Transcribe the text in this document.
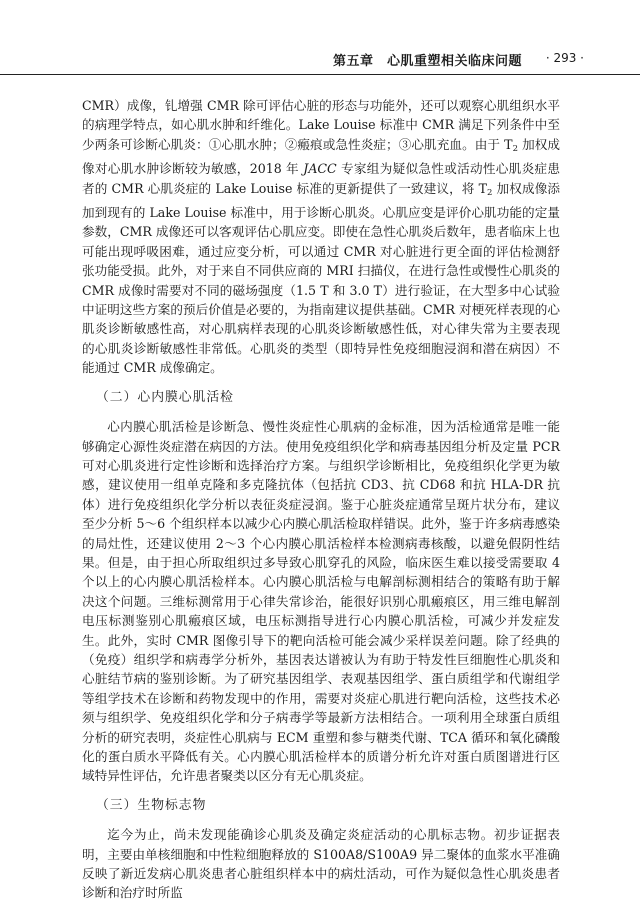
第五章　心肌重塑相关临床问题 · 293 ·

CMR）成像，钆增强 CMR 除可评估心脏的形态与功能外，还可以观察心肌组织水平的病理学特点，如心肌水肿和纤维化。Lake Louise 标准中 CMR 满足下列条件中至少两条可诊断心肌炎：①心肌水肿；②瘢痕或急性炎症；③心肌充血。由于 $T_2$ 加权成像对心肌水肿诊断较为敏感，2018 年 JACC 专家组为疑似急性或活动性心肌炎症患者的 CMR 心肌炎症的 Lake Louise 标准的更新提供了一致建议，将 $T_2$ 加权成像添加到现有的 Lake Louise 标准中，用于诊断心肌炎。心肌应变是评价心肌功能的定量参数，CMR 成像还可以客观评估心肌应变。即使在急性心肌炎后数年，患者临床上也可能出现呼吸困难，通过应变分析，可以通过 CMR 对心脏进行更全面的评估检测舒张功能受损。此外，对于来自不同供应商的 MRI 扫描仪，在进行急性或慢性心肌炎的 CMR 成像时需要对不同的磁场强度（1.5 T 和 3.0 T）进行验证，在大型多中心试验中证明这些方案的预后价值是必要的，为指南建议提供基础。CMR 对梗死样表现的心肌炎诊断敏感性高，对心肌病样表现的心肌炎诊断敏感性低，对心律失常为主要表现的心肌炎诊断敏感性非常低。心肌炎的类型（即特异性免疫细胞浸润和潜在病因）不能通过 CMR 成像确定。

（二）心内膜心肌活检

心内膜心肌活检是诊断急、慢性炎症性心肌病的金标准，因为活检通常是唯一能够确定心源性炎症潜在病因的方法。使用免疫组织化学和病毒基因组分析及定量 PCR 可对心肌炎进行定性诊断和选择治疗方案。与组织学诊断相比，免疫组织化学更为敏感，建议使用一组单克隆和多克隆抗体（包括抗 CD3、抗 CD68 和抗 HLA-DR 抗体）进行免疫组织化学分析以表征炎症浸润。鉴于心脏炎症通常呈斑片状分布，建议至少分析 5～6 个组织样本以减少心内膜心肌活检取样错误。此外，鉴于许多病毒感染的局灶性，还建议使用 2～3 个心内膜心肌活检样本检测病毒核酸，以避免假阴性结果。但是，由于担心所取组织过多导致心肌穿孔的风险，临床医生难以接受需要取 4 个以上的心内膜心肌活检样本。心内膜心肌活检与电解剖标测相结合的策略有助于解决这个问题。三维标测常用于心律失常诊治，能很好识别心肌瘢痕区，用三维电解剖电压标测鉴别心肌瘢痕区域，电压标测指导进行心内膜心肌活检，可减少并发症发生。此外，实时 CMR 图像引导下的靶向活检可能会减少采样误差问题。除了经典的（免疫）组织学和病毒学分析外，基因表达谱被认为有助于特发性巨细胞性心肌炎和心脏结节病的鉴别诊断。为了研究基因组学、表观基因组学、蛋白质组学和代谢组学等组学技术在诊断和药物发现中的作用，需要对炎症心肌进行靶向活检，这些技术必须与组织学、免疫组织化学和分子病毒学等最新方法相结合。一项利用全球蛋白质组分析的研究表明，炎症性心肌病与 ECM 重塑和参与糖类代谢、TCA 循环和氧化磷酸化的蛋白质水平降低有关。心内膜心肌活检样本的质谱分析允许对蛋白质图谱进行区域特异性评估，允许患者聚类以区分有无心肌炎症。

（三）生物标志物

迄今为止，尚未发现能确诊心肌炎及确定炎症活动的心肌标志物。初步证据表明，主要由单核细胞和中性粒细胞释放的 S100A8/S100A9 异二聚体的血浆水平准确反映了新近发病心肌炎患者心脏组织样本中的病灶活动，可作为疑似急性心肌炎患者诊断和治疗时所监
